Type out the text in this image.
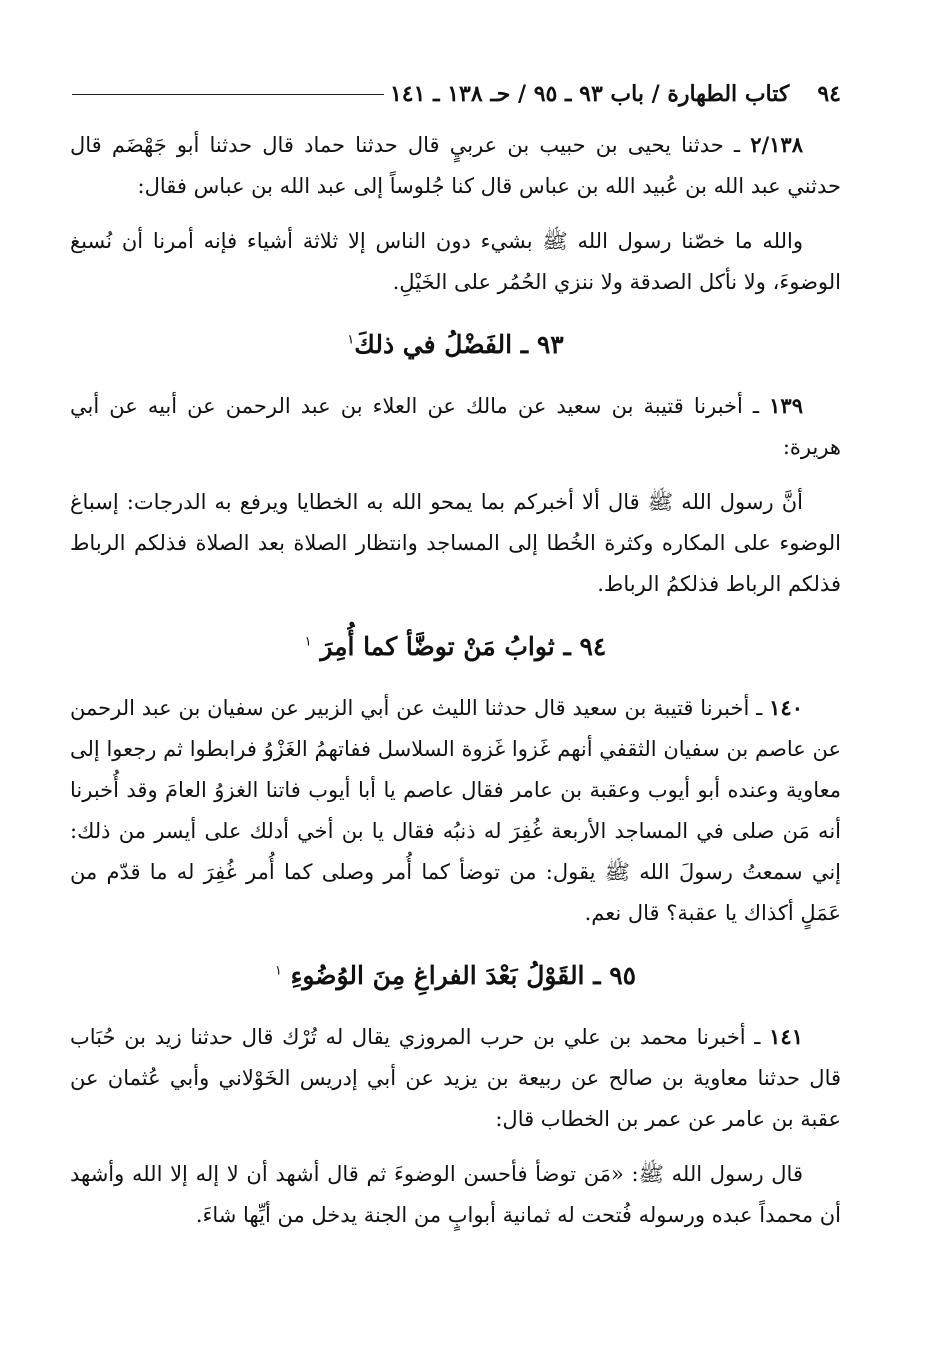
٩٤
كتاب الطهارة / باب ٩٣ ـ ٩٥ / حـ ١٣٨ ـ ١٤١

٢/١٣٨ ـ حدثنا يحيى بن حبيب بن عربيٍ قال حدثنا حماد قال حدثنا أبو جَهْضَم قال حدثني عبد الله بن عُبيد الله بن عباس قال كنا جُلوساً إلى عبد الله بن عباس فقال:

والله ما خصّنا رسول الله ﷺ بشيء دون الناس إلا ثلاثة أشياء فإنه أمرنا أن نُسبغ الوضوءَ، ولا نأكل الصدقة ولا ننزي الحُمُر على الخَيْلِ.

٩٣ ـ الفَضْلُ في ذلكَ$^١$

١٣٩ ـ أخبرنا قتيبة بن سعيد عن مالك عن العلاء بن عبد الرحمن عن أبيه عن أبي هريرة:

أنَّ رسول الله ﷺ قال ألا أخبركم بما يمحو الله به الخطايا ويرفع به الدرجات: إسباغ الوضوء على المكاره وكثرة الخُطا إلى المساجد وانتظار الصلاة بعد الصلاة فذلكم الرباط فذلكم الرباط فذلكمُ الرباط.

٩٤ ـ ثوابُ مَنْ توضَّأ كما أُمِرَ $^١$

١٤٠ ـ أخبرنا قتيبة بن سعيد قال حدثنا الليث عن أبي الزبير عن سفيان بن عبد الرحمن عن عاصم بن سفيان الثقفي أنهم غَزوا غَزوة السلاسل ففاتهمُ الغَزْوُ فرابطوا ثم رجعوا إلى معاوية وعنده أبو أيوب وعقبة بن عامر فقال عاصم يا أبا أيوب فاتنا الغزوُ العامَ وقد أُخبرنا أنه مَن صلى في المساجد الأربعة غُفِرَ له ذنبُه فقال يا بن أخي أدلك على أيسر من ذلك: إني سمعتُ رسولَ الله ﷺ يقول: من توضأ كما أُمر وصلى كما أُمر غُفِرَ له ما قدّم من عَمَلٍ أكذاك يا عقبة؟ قال نعم.

٩٥ ـ القَوْلُ بَعْدَ الفراغِ مِنَ الوُضُوءِ $^١$

١٤١ ـ أخبرنا محمد بن علي بن حرب المروزي يقال له تُرْك قال حدثنا زيد بن حُبَاب قال حدثنا معاوية بن صالح عن ربيعة بن يزيد عن أبي إدريس الخَوْلاني وأبي عُثمان عن عقبة بن عامر عن عمر بن الخطاب قال:

قال رسول الله ﷺ: «مَن توضأ فأحسن الوضوءَ ثم قال أشهد أن لا إله إلا الله وأشهد أن محمداً عبده ورسوله فُتحت له ثمانية أبوابٍ من الجنة يدخل من أيِّها شاءَ.
